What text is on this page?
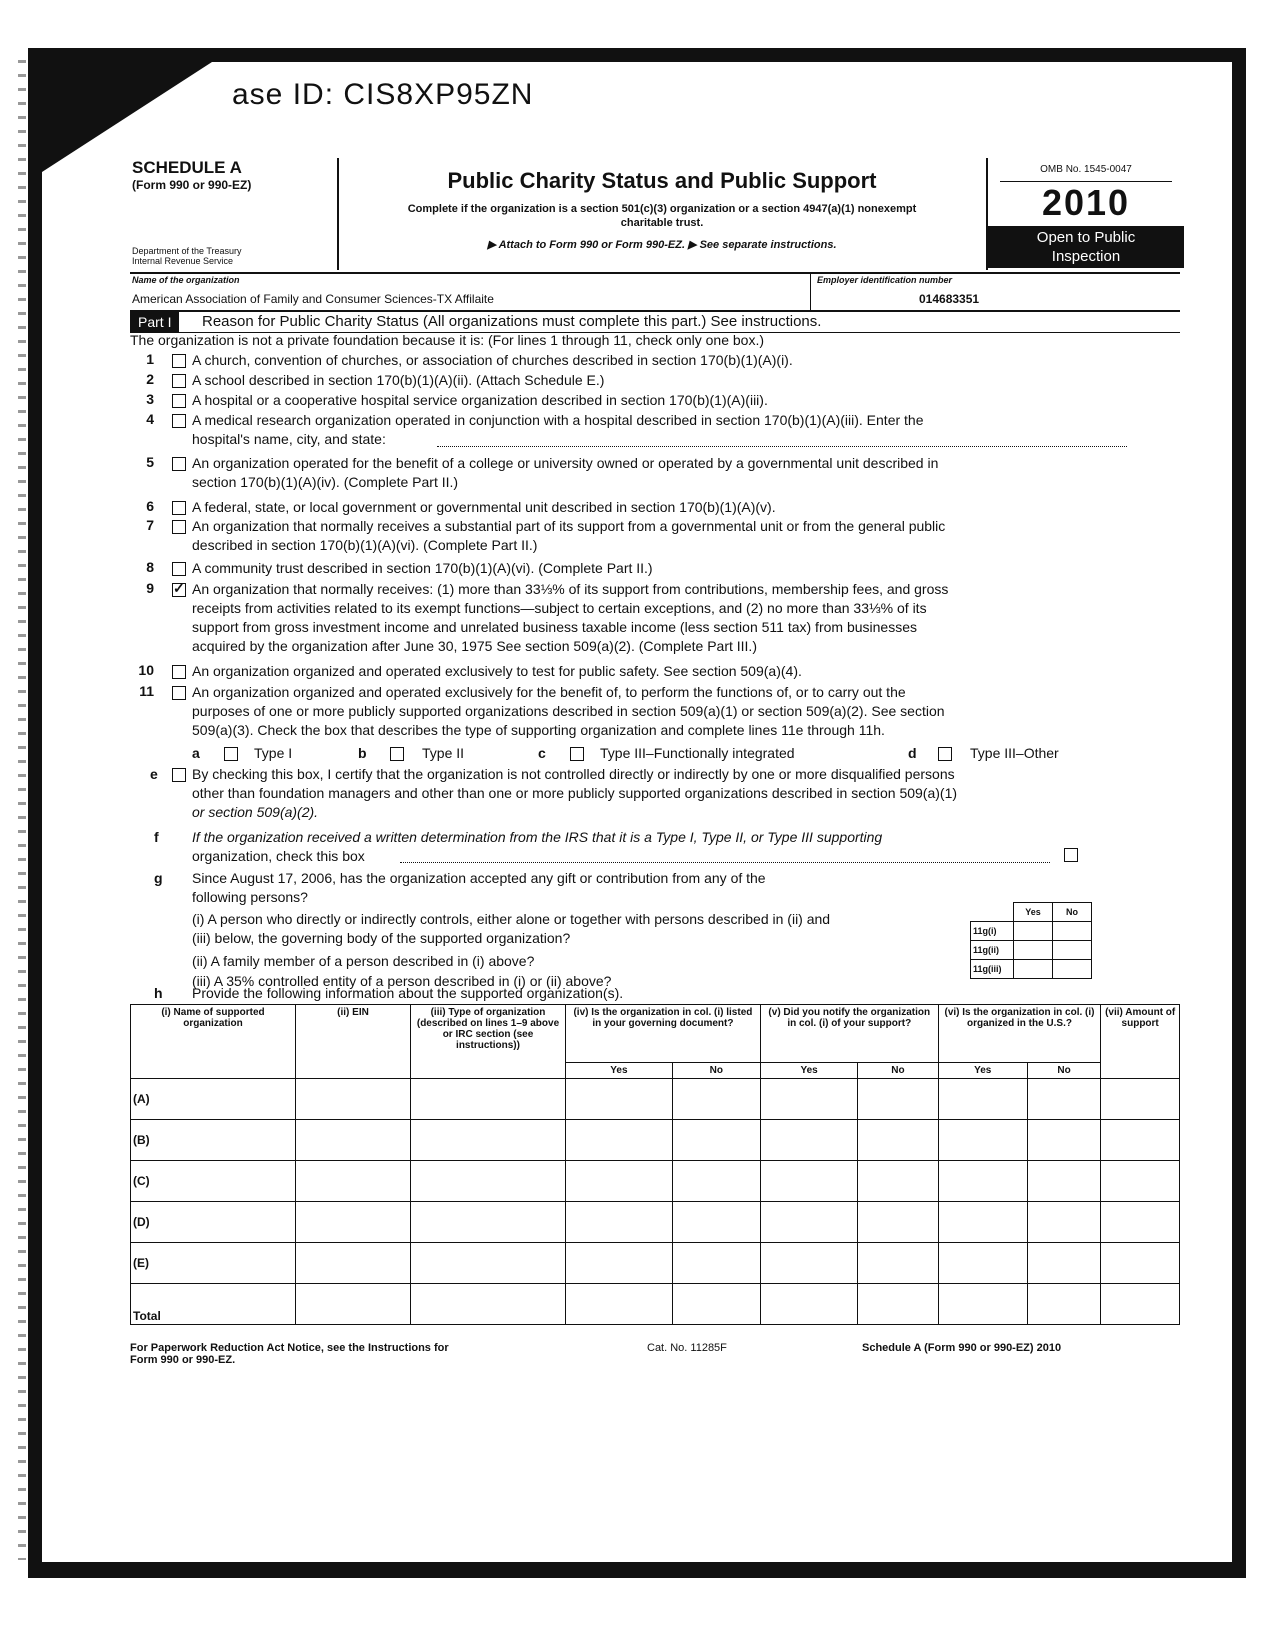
ase ID: CIS8XP95ZN
SCHEDULE A
(Form 990 or 990-EZ)
Department of the Treasury
Internal Revenue Service
Public Charity Status and Public Support
Complete if the organization is a section 501(c)(3) organization or a section 4947(a)(1) nonexempt charitable trust.
▶ Attach to Form 990 or Form 990-EZ. ▶ See separate instructions.
OMB No. 1545-0047
2010
Open to Public
Inspection
Name of the organization
American Association of Family and Consumer Sciences-TX Affilaite
Employer identification number
014683351
Part I	Reason for Public Charity Status (All organizations must complete this part.) See instructions.
The organization is not a private foundation because it is: (For lines 1 through 11, check only one box.)
1	A church, convention of churches, or association of churches described in section 170(b)(1)(A)(i).
2	A school described in section 170(b)(1)(A)(ii). (Attach Schedule E.)
3	A hospital or a cooperative hospital service organization described in section 170(b)(1)(A)(iii).
4	A medical research organization operated in conjunction with a hospital described in section 170(b)(1)(A)(iii). Enter the
hospital's name, city, and state:
5	An organization operated for the benefit of a college or university owned or operated by a governmental unit described in
section 170(b)(1)(A)(iv). (Complete Part II.)
6	A federal, state, or local government or governmental unit described in section 170(b)(1)(A)(v).
7	An organization that normally receives a substantial part of its support from a governmental unit or from the general public
described in section 170(b)(1)(A)(vi). (Complete Part II.)
8	A community trust described in section 170(b)(1)(A)(vi). (Complete Part II.)
9 ✓	An organization that normally receives: (1) more than 33⅓% of its support from contributions, membership fees, and gross
receipts from activities related to its exempt functions—subject to certain exceptions, and (2) no more than 33⅓% of its
support from gross investment income and unrelated business taxable income (less section 511 tax) from businesses
acquired by the organization after June 30, 1975 See section 509(a)(2). (Complete Part III.)
10	An organization organized and operated exclusively to test for public safety. See section 509(a)(4).
11	An organization organized and operated exclusively for the benefit of, to perform the functions of, or to carry out the
purposes of one or more publicly supported organizations described in section 509(a)(1) or section 509(a)(2). See section
509(a)(3). Check the box that describes the type of supporting organization and complete lines 11e through 11h.
a	Type I	b	Type II	c	Type III–Functionally integrated	d	Type III–Other
e By checking this box, I certify that the organization is not controlled directly or indirectly by one or more disqualified persons
other than foundation managers and other than one or more publicly supported organizations described in section 509(a)(1)
or section 509(a)(2).
f If the organization received a written determination from the IRS that it is a Type I, Type II, or Type III supporting
organization, check this box
g Since August 17, 2006, has the organization accepted any gift or contribution from any of the
following persons?
(i) A person who directly or indirectly controls, either alone or together with persons described in (ii) and
(iii) below, the governing body of the supported organization?
(ii) A family member of a person described in (i) above?
(iii) A 35% controlled entity of a person described in (i) or (ii) above?
	Yes	No
11g(i)		
11g(ii)		
11g(iii)		
h Provide the following information about the supported organization(s).
(i) Name of supported organization	(ii) EIN	(iii) Type of organization (described on lines 1–9 above or IRC section (see instructions))	(iv) Is the organization in col. (i) listed in your governing document?		(v) Did you notify the organization in col. (i) of your support?		(vi) Is the organization in col. (i) organized in the U.S.?		(vii) Amount of support
			Yes	No	Yes	No	Yes	No	
(A)									
(B)									
(C)									
(D)									
(E)									
Total									
For Paperwork Reduction Act Notice, see the Instructions for
Form 990 or 990-EZ.
Cat. No. 11285F	Schedule A (Form 990 or 990-EZ) 2010
